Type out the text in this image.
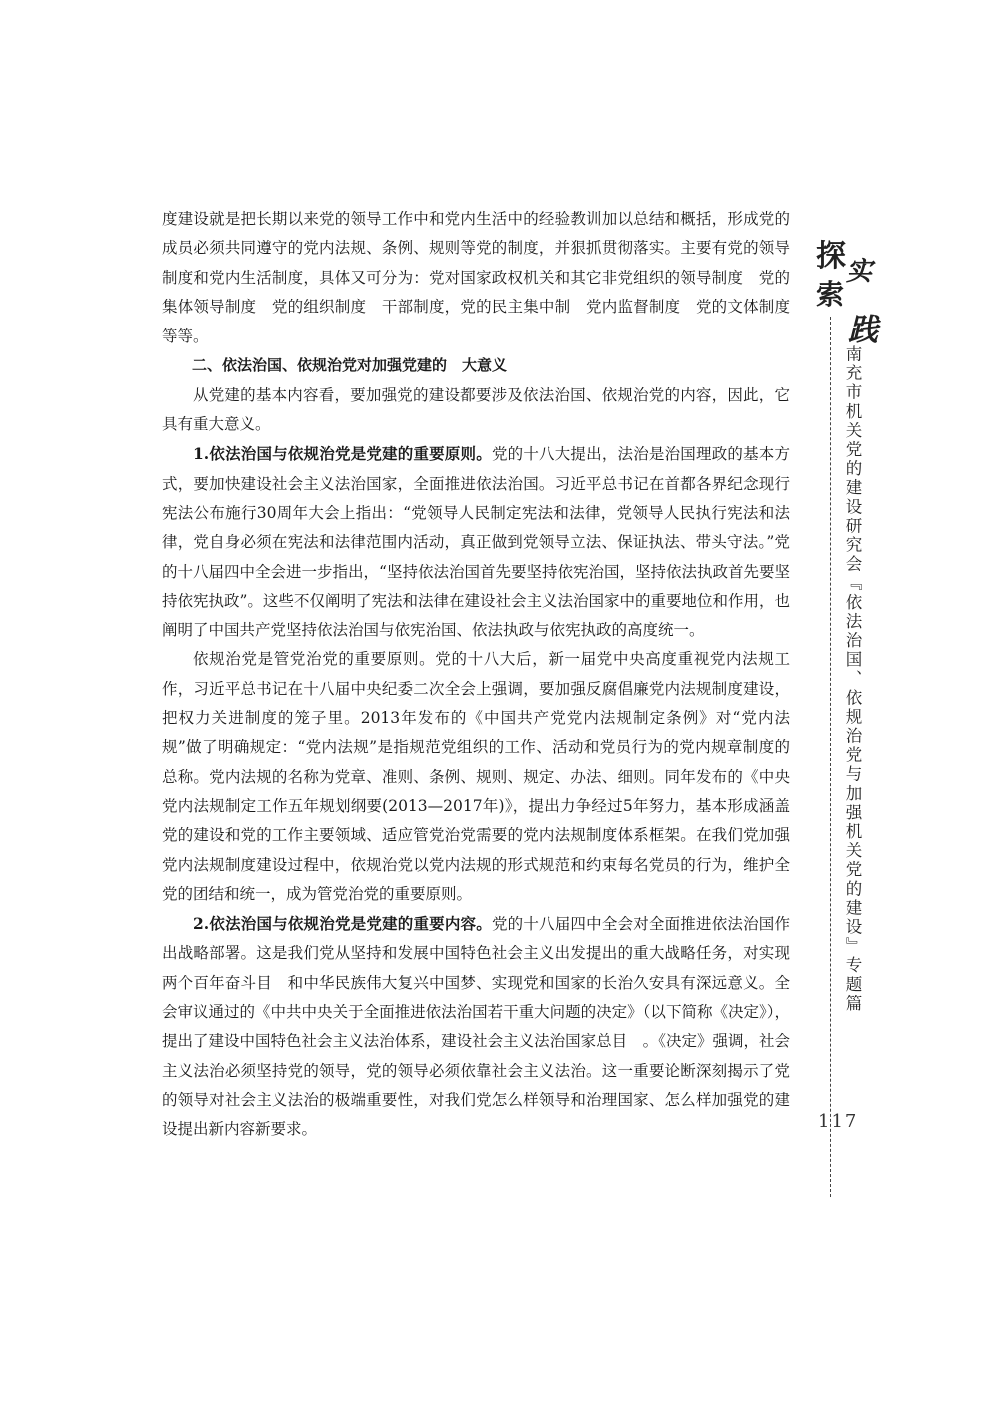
度建设就是把长期以来党的领导工作中和党内生活中的经验教训加以总结和概括，形成党的成员必须共同遵守的党内法规、条例、规则等党的制度，并狠抓贯彻落实。主要有党的领导制度和党内生活制度，具体又可分为：党对国家政权机关和其它非党组织的领导制度　党的集体领导制度　党的组织制度　干部制度，党的民主集中制　党内监督制度　党的文体制度等等。

二、依法治国、依规治党对加强党建的　大意义

从党建的基本内容看，要加强党的建设都要涉及依法治国、依规治党的内容，因此，它具有重大意义。

1.依法治国与依规治党是党建的重要原则。党的十八大提出，法治是治国理政的基本方式，要加快建设社会主义法治国家，全面推进依法治国。习近平总书记在首都各界纪念现行宪法公布施行30周年大会上指出：“党领导人民制定宪法和法律，党领导人民执行宪法和法律，党自身必须在宪法和法律范围内活动，真正做到党领导立法、保证执法、带头守法。”党的十八届四中全会进一步指出，“坚持依法治国首先要坚持依宪治国，坚持依法执政首先要坚持依宪执政”。这些不仅阐明了宪法和法律在建设社会主义法治国家中的重要地位和作用，也阐明了中国共产党坚持依法治国与依宪治国、依法执政与依宪执政的高度统一。

依规治党是管党治党的重要原则。党的十八大后，新一届党中央高度重视党内法规工作，习近平总书记在十八届中央纪委二次全会上强调，要加强反腐倡廉党内法规制度建设，把权力关进制度的笼子里。2013年发布的《中国共产党党内法规制定条例》对“党内法规”做了明确规定：“党内法规”是指规范党组织的工作、活动和党员行为的党内规章制度的总称。党内法规的名称为党章、准则、条例、规则、规定、办法、细则。同年发布的《中央党内法规制定工作五年规划纲要(2013—2017年)》，提出力争经过5年努力，基本形成涵盖党的建设和党的工作主要领域、适应管党治党需要的党内法规制度体系框架。在我们党加强党内法规制度建设过程中，依规治党以党内法规的形式规范和约束每名党员的行为，维护全党的团结和统一，成为管党治党的重要原则。

2.依法治国与依规治党是党建的重要内容。党的十八届四中全会对全面推进依法治国作出战略部署。这是我们党从坚持和发展中国特色社会主义出发提出的重大战略任务，对实现两个百年奋斗目　和中华民族伟大复兴中国梦、实现党和国家的长治久安具有深远意义。全会审议通过的《中共中央关于全面推进依法治国若干重大问题的决定》（以下简称《决定》），提出了建设中国特色社会主义法治体系，建设社会主义法治国家总目　。《决定》强调，社会主义法治必须坚持党的领导，党的领导必须依靠社会主义法治。这一重要论断深刻揭示了党的领导对社会主义法治的极端重要性，对我们党怎么样领导和治理国家、怎么样加强党的建设提出新内容新要求。

探 实
索
践
南充市机关党的建设研究会『依法治国、依规治党与加强机关党的建设』专题篇
117
